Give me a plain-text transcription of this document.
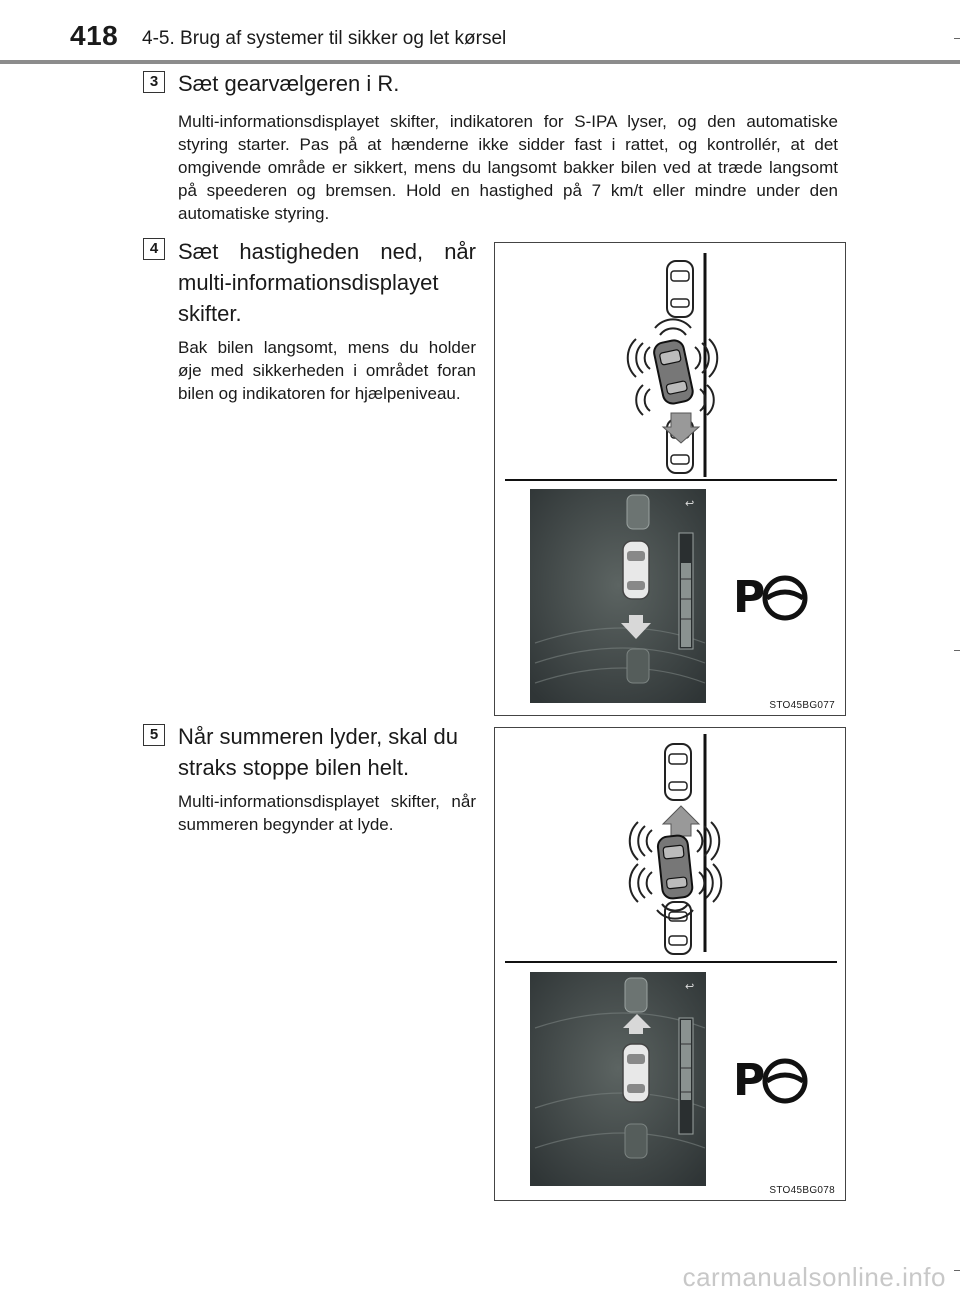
418 4-5. Brug af systemer til sikker og let kørsel
3 Sæt gearvælgeren i R.
Multi-informationsdisplayet skifter, indikatoren for S-IPA lyser, og den automatiske styring starter. Pas på at hænderne ikke sidder fast i rattet, og kontrollér, at det omgivende område er sikkert, mens du langsomt bakker bilen ved at træde langsomt på speederen og bremsen. Hold en hastighed på 7 km/t eller mindre under den automatiske styring.
4 Sæt hastigheden ned, når multi-informationsdisplayet skifter.
Bak bilen langsomt, mens du holder øje med sikkerheden i området foran bilen og indikatoren for hjælpeniveau.
↩
P
STO45BG077
5 Når summeren lyder, skal du straks stoppe bilen helt.
Multi-informationsdisplayet skifter, når summeren begynder at lyde.
↩
P
STO45BG078
carmanualsonline.info
